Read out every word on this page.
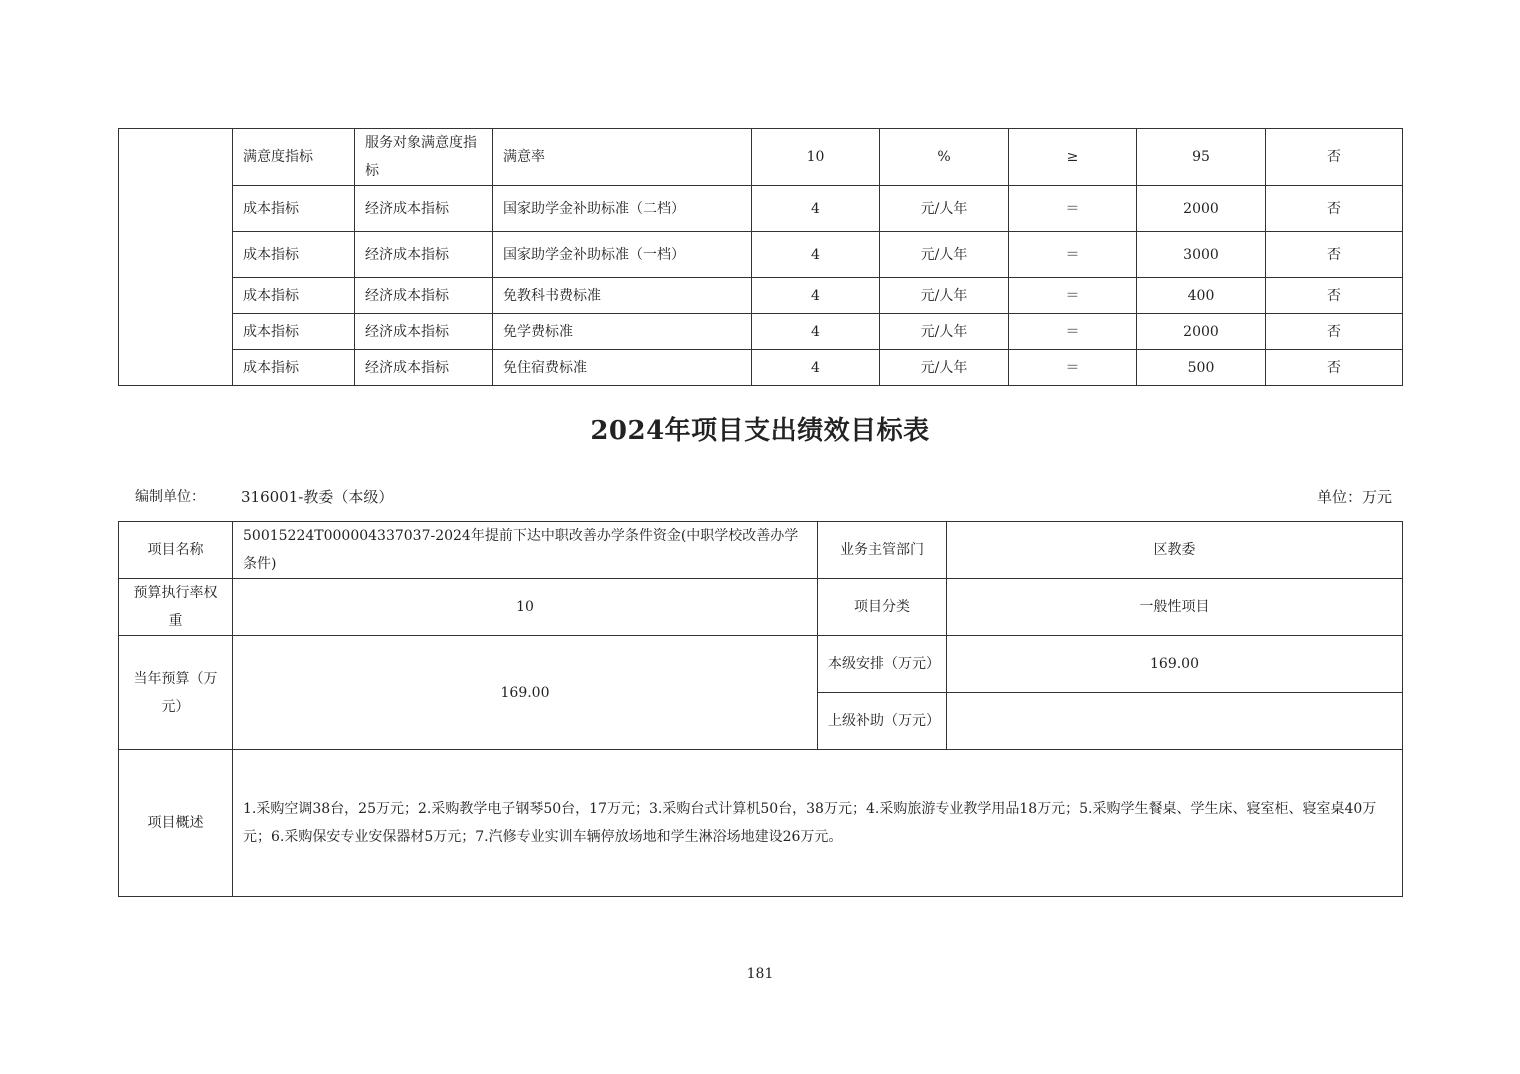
	满意度指标	服务对象满意度指标	满意率	10	%	≥	95	否
	成本指标	经济成本指标	国家助学金补助标准（二档）	4	元/人年	＝	2000	否
	成本指标	经济成本指标	国家助学金补助标准（一档）	4	元/人年	＝	3000	否
	成本指标	经济成本指标	免教科书费标准	4	元/人年	＝	400	否
	成本指标	经济成本指标	免学费标准	4	元/人年	＝	2000	否
	成本指标	经济成本指标	免住宿费标准	4	元/人年	＝	500	否
2024年项目支出绩效目标表
编制单位： 316001-教委（本级）	单位：万元
项目名称	50015224T000004337037-2024年提前下达中职改善办学条件资金(中职学校改善办学条件)	业务主管部门	区教委
预算执行率权重	10	项目分类	一般性项目
当年预算（万元）	169.00	本级安排（万元）	169.00
		上级补助（万元）	
项目概述	1.采购空调38台，25万元；2.采购教学电子钢琴50台，17万元；3.采购台式计算机50台，38万元；4.采购旅游专业教学用品18万元；5.采购学生餐桌、学生床、寝室柜、寝室桌40万元；6.采购保安专业安保器材5万元；7.汽修专业实训车辆停放场地和学生淋浴场地建设26万元。		
181
